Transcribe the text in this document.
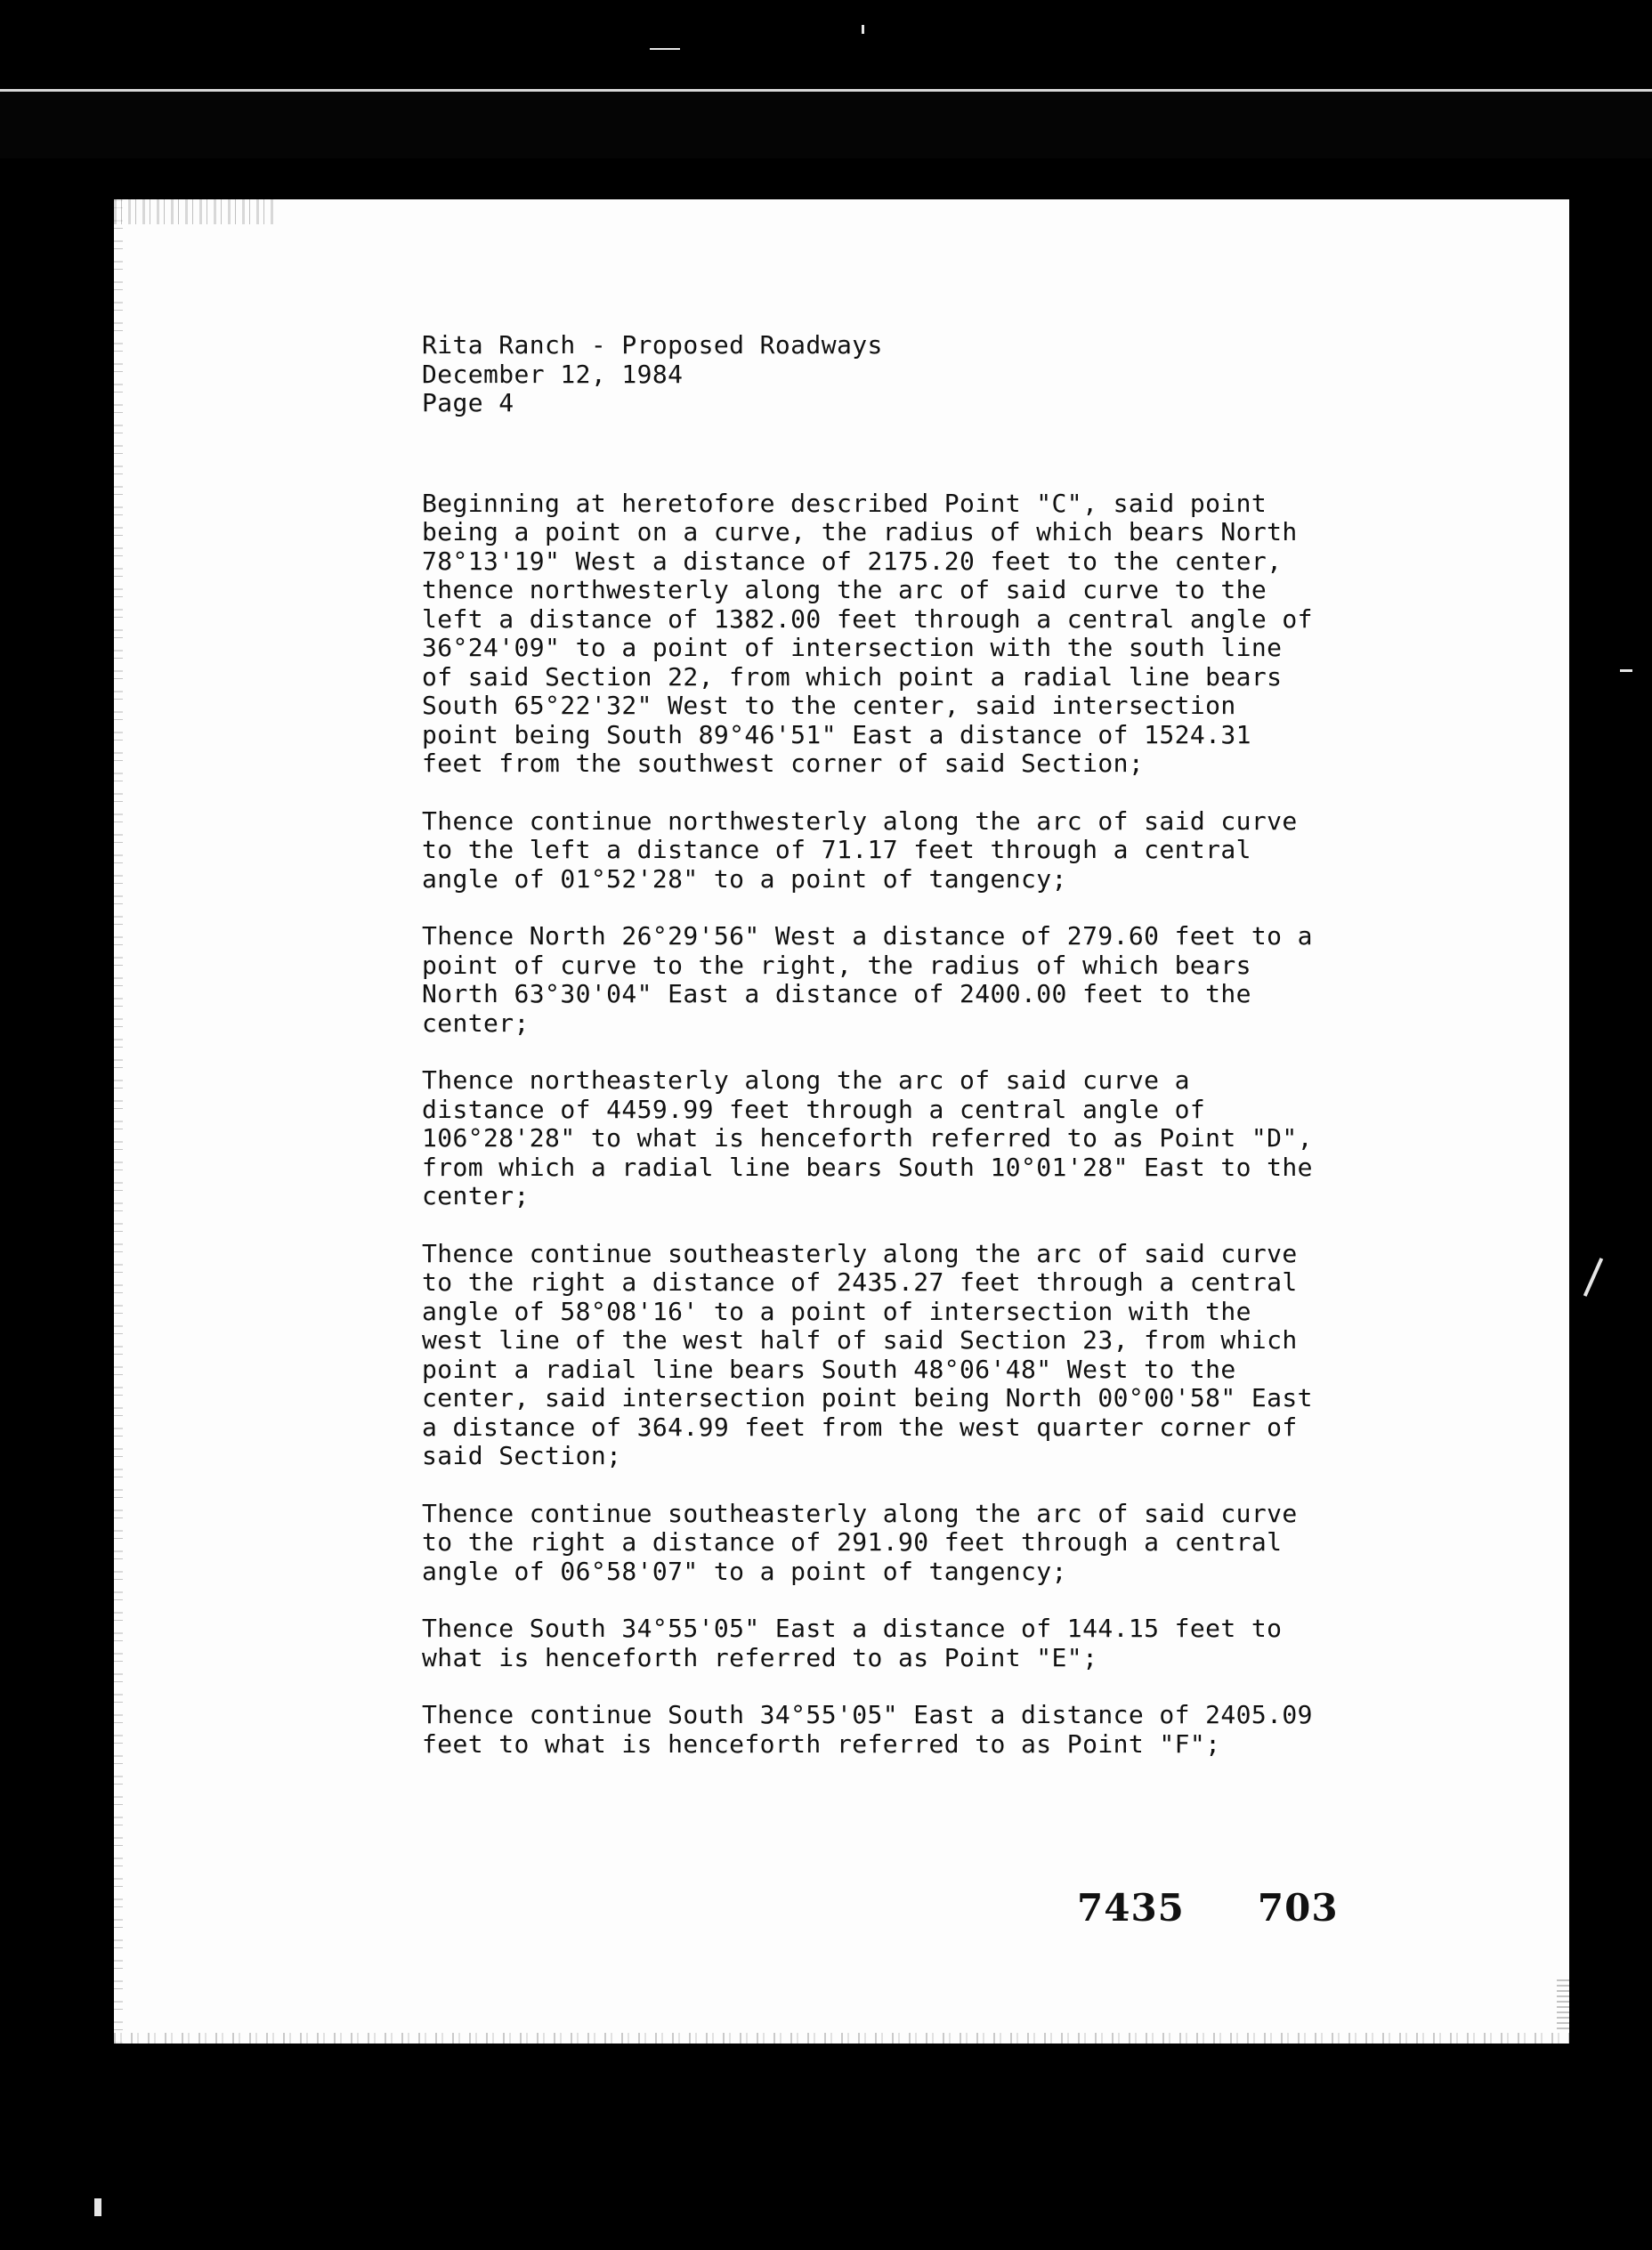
Rita Ranch - Proposed Roadways
December 12, 1984
Page 4
Beginning at heretofore described Point "C", said point
being a point on a curve, the radius of which bears North
78°13'19" West a distance of 2175.20 feet to the center,
thence northwesterly along the arc of said curve to the
left a distance of 1382.00 feet through a central angle of
36°24'09" to a point of intersection with the south line
of said Section 22, from which point a radial line bears
South 65°22'32" West to the center, said intersection
point being South 89°46'51" East a distance of 1524.31
feet from the southwest corner of said Section;
Thence continue northwesterly along the arc of said curve
to the left a distance of 71.17 feet through a central
angle of 01°52'28" to a point of tangency;
Thence North 26°29'56" West a distance of 279.60 feet to a
point of curve to the right, the radius of which bears
North 63°30'04" East a distance of 2400.00 feet to the
center;
Thence northeasterly along the arc of said curve a
distance of 4459.99 feet through a central angle of
106°28'28" to what is henceforth referred to as Point "D",
from which a radial line bears South 10°01'28" East to the
center;
Thence continue southeasterly along the arc of said curve
to the right a distance of 2435.27 feet through a central
angle of 58°08'16' to a point of intersection with the
west line of the west half of said Section 23, from which
point a radial line bears South 48°06'48" West to the
center, said intersection point being North 00°00'58" East
a distance of 364.99 feet from the west quarter corner of
said Section;
Thence continue southeasterly along the arc of said curve
to the right a distance of 291.90 feet through a central
angle of 06°58'07" to a point of tangency;
Thence South 34°55'05" East a distance of 144.15 feet to
what is henceforth referred to as Point "E";
Thence continue South 34°55'05" East a distance of 2405.09
feet to what is henceforth referred to as Point "F";
7435 703
